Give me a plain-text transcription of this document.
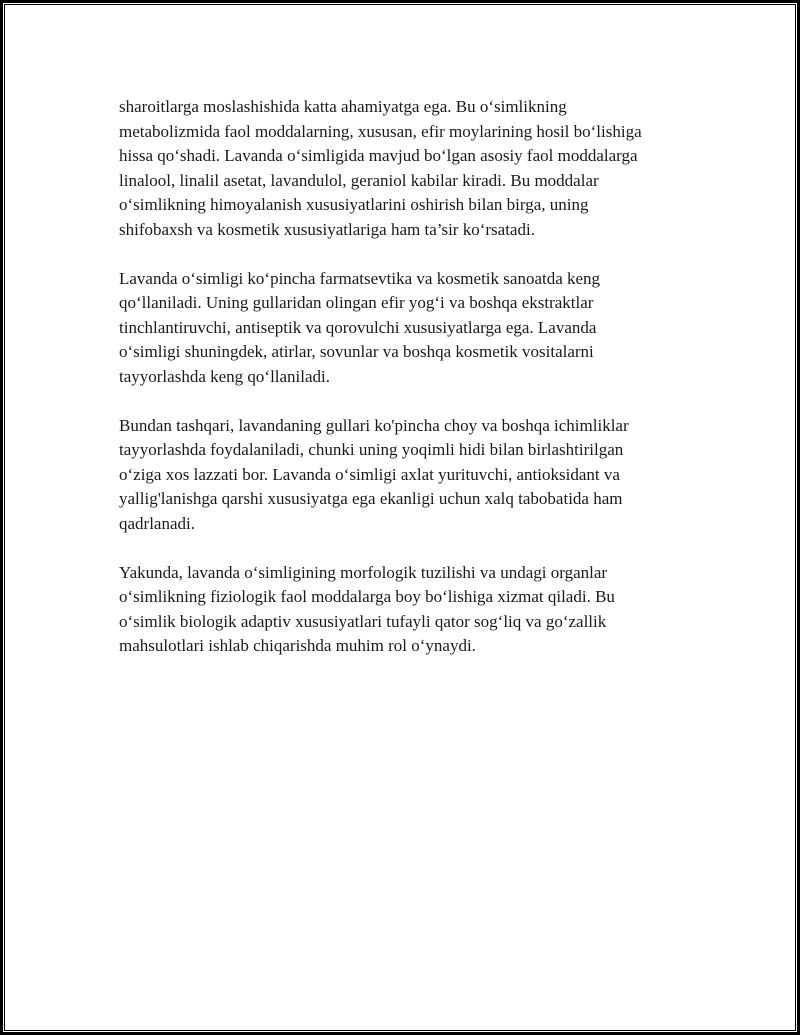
sharoitlarga moslashishida katta ahamiyatga ega. Bu o‘simlikning
metabolizmida faol moddalarning, xususan, efir moylarining hosil bo‘lishiga
hissa qo‘shadi. Lavanda o‘simligida mavjud bo‘lgan asosiy faol moddalarga
linalool, linalil asetat, lavandulol, geraniol kabilar kiradi. Bu moddalar
o‘simlikning himoyalanish xususiyatlarini oshirish bilan birga, uning
shifobaxsh va kosmetik xususiyatlariga ham ta’sir ko‘rsatadi.

Lavanda o‘simligi ko‘pincha farmatsevtika va kosmetik sanoatda keng
qo‘llaniladi. Uning gullaridan olingan efir yog‘i va boshqa ekstraktlar
tinchlantiruvchi, antiseptik va qorovulchi xususiyatlarga ega. Lavanda
o‘simligi shuningdek, atirlar, sovunlar va boshqa kosmetik vositalarni
tayyorlashda keng qo‘llaniladi.

Bundan tashqari, lavandaning gullari ko'pincha choy va boshqa ichimliklar
tayyorlashda foydalaniladi, chunki uning yoqimli hidi bilan birlashtirilgan
o‘ziga xos lazzati bor. Lavanda o‘simligi axlat yurituvchi, antioksidant va
yallig'lanishga qarshi xususiyatga ega ekanligi uchun xalq tabobatida ham
qadrlanadi.

Yakunda, lavanda o‘simligining morfologik tuzilishi va undagi organlar
o‘simlikning fiziologik faol moddalarga boy bo‘lishiga xizmat qiladi. Bu
o‘simlik biologik adaptiv xususiyatlari tufayli qator sog‘liq va go‘zallik
mahsulotlari ishlab chiqarishda muhim rol o‘ynaydi.
